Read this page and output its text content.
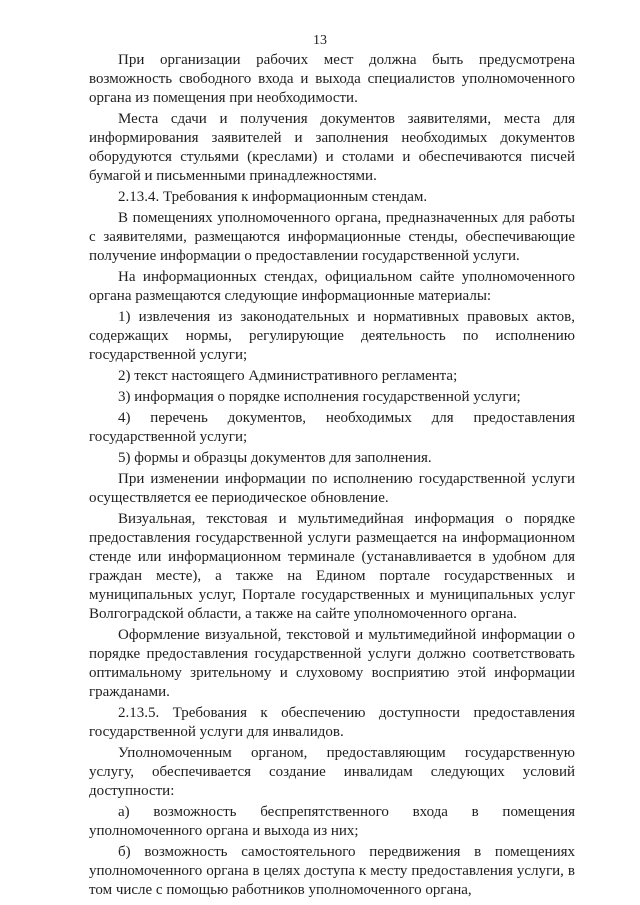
13

При организации рабочих мест должна быть предусмотрена возможность свободного входа и выхода специалистов уполномоченного органа из помещения при необходимости.

Места сдачи и получения документов заявителями, места для информирования заявителей и заполнения необходимых документов оборудуются стульями (креслами) и столами и обеспечиваются писчей бумагой и письменными принадлежностями.

2.13.4. Требования к информационным стендам.

В помещениях уполномоченного органа, предназначенных для работы с заявителями, размещаются информационные стенды, обеспечивающие получение информации о предоставлении государственной услуги.

На информационных стендах, официальном сайте уполномоченного органа размещаются следующие информационные материалы:

1) извлечения из законодательных и нормативных правовых актов, содержащих нормы, регулирующие деятельность по исполнению государственной услуги;

2) текст настоящего Административного регламента;

3) информация о порядке исполнения государственной услуги;

4) перечень документов, необходимых для предоставления государственной услуги;

5) формы и образцы документов для заполнения.

При изменении информации по исполнению государственной услуги осуществляется ее периодическое обновление.

Визуальная, текстовая и мультимедийная информация о порядке предоставления государственной услуги размещается на информационном стенде или информационном терминале (устанавливается в удобном для граждан месте), а также на Едином портале государственных и муниципальных услуг, Портале государственных и муниципальных услуг Волгоградской области, а также на сайте уполномоченного органа.

Оформление визуальной, текстовой и мультимедийной информации о порядке предоставления государственной услуги должно соответствовать оптимальному зрительному и слуховому восприятию этой информации гражданами.

2.13.5. Требования к обеспечению доступности предоставления государственной услуги для инвалидов.

Уполномоченным органом, предоставляющим государственную услугу, обеспечивается создание инвалидам следующих условий доступности:

а) возможность беспрепятственного входа в помещения уполномоченного органа и выхода из них;

б) возможность самостоятельного передвижения в помещениях уполномоченного органа в целях доступа к месту предоставления услуги, в том числе с помощью работников уполномоченного органа,
